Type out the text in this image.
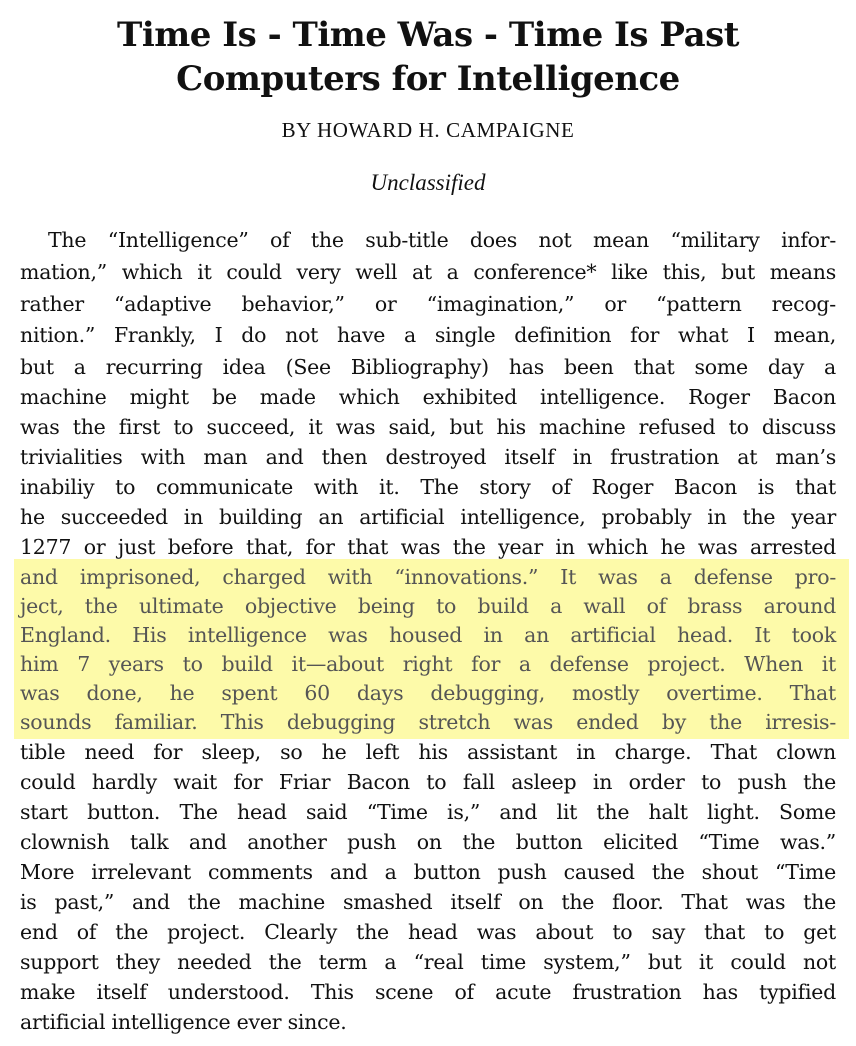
Time Is - Time Was - Time Is Past
Computers for Intelligence
BY HOWARD H. CAMPAIGNE
Unclassified
The “Intelligence” of the sub-title does not mean “military infor-
mation,” which it could very well at a conference* like this, but means
rather “adaptive behavior,” or “imagination,” or “pattern recog-
nition.” Frankly, I do not have a single definition for what I mean,
but a recurring idea (See Bibliography) has been that some day a
machine might be made which exhibited intelligence. Roger Bacon
was the first to succeed, it was said, but his machine refused to discuss
trivialities with man and then destroyed itself in frustration at man’s
inabiliy to communicate with it. The story of Roger Bacon is that
he succeeded in building an artificial intelligence, probably in the year
1277 or just before that, for that was the year in which he was arrested
and imprisoned, charged with “innovations.” It was a defense pro-
ject, the ultimate objective being to build a wall of brass around
England. His intelligence was housed in an artificial head. It took
him 7 years to build it—about right for a defense project. When it
was done, he spent 60 days debugging, mostly overtime. That
sounds familiar. This debugging stretch was ended by the irresis-
tible need for sleep, so he left his assistant in charge. That clown
could hardly wait for Friar Bacon to fall asleep in order to push the
start button. The head said “Time is,” and lit the halt light. Some
clownish talk and another push on the button elicited “Time was.”
More irrelevant comments and a button push caused the shout “Time
is past,” and the machine smashed itself on the floor. That was the
end of the project. Clearly the head was about to say that to get
support they needed the term a “real time system,” but it could not
make itself understood. This scene of acute frustration has typified
artificial intelligence ever since.
